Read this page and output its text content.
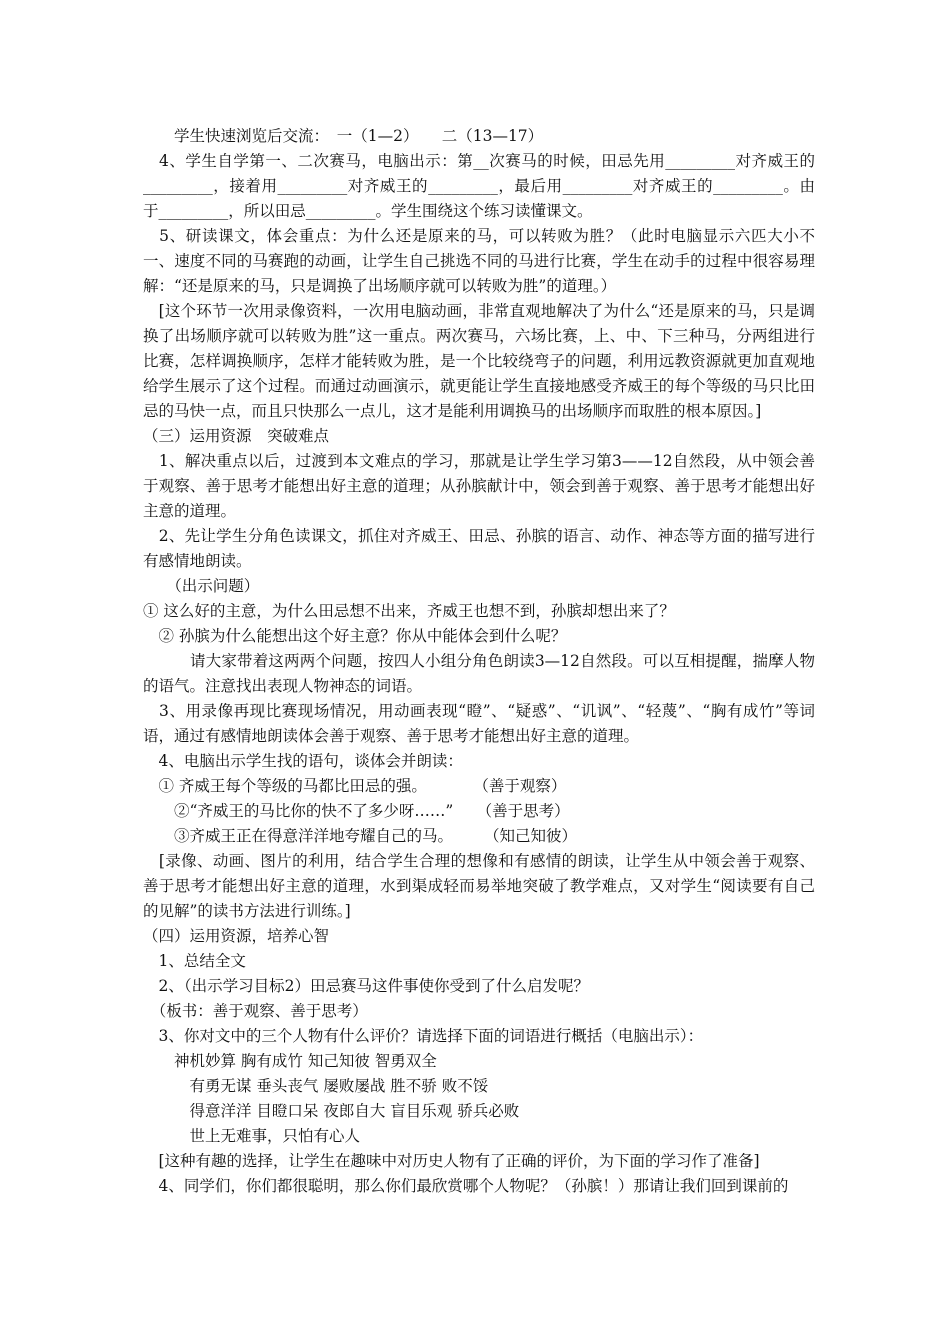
　　学生快速浏览后交流：　一（1—2）　　二（13—17）

　4、学生自学第一、二次赛马，电脑出示：第__次赛马的时候，田忌先用_________对齐威王的_________，接着用_________对齐威王的_________，最后用_________对齐威王的_________。由于_________，所以田忌_________。学生围绕这个练习读懂课文。

　5、研读课文，体会重点：为什么还是原来的马，可以转败为胜？（此时电脑显示六匹大小不一、速度不同的马赛跑的动画，让学生自己挑选不同的马进行比赛，学生在动手的过程中很容易理解：“还是原来的马，只是调换了出场顺序就可以转败为胜”的道理。）

　[这个环节一次用录像资料，一次用电脑动画，非常直观地解决了为什么“还是原来的马，只是调换了出场顺序就可以转败为胜”这一重点。两次赛马，六场比赛，上、中、下三种马，分两组进行比赛，怎样调换顺序，怎样才能转败为胜，是一个比较绕弯子的问题，利用远教资源就更加直观地给学生展示了这个过程。而通过动画演示，就更能让学生直接地感受齐威王的每个等级的马只比田忌的马快一点，而且只快那么一点儿，这才是能利用调换马的出场顺序而取胜的根本原因。]

（三）运用资源　突破难点

　1、解决重点以后，过渡到本文难点的学习，那就是让学生学习第3——12自然段，从中领会善于观察、善于思考才能想出好主意的道理；从孙膑献计中，领会到善于观察、善于思考才能想出好主意的道理。

　2、先让学生分角色读课文，抓住对齐威王、田忌、孙膑的语言、动作、神态等方面的描写进行有感情地朗读。

　　（出示问题）

① 这么好的主意，为什么田忌想不出来，齐威王也想不到，孙膑却想出来了？

　② 孙膑为什么能想出这个好主意？你从中能体会到什么呢？

　　　请大家带着这两两个问题，按四人小组分角色朗读3—12自然段。可以互相提醒，揣摩人物的语气。注意找出表现人物神态的词语。

　3、用录像再现比赛现场情况，用动画表现“瞪”、“疑惑”、“讥讽”、“轻蔑”、“胸有成竹”等词语，通过有感情地朗读体会善于观察、善于思考才能想出好主意的道理。

　4、电脑出示学生找的语句，谈体会并朗读：

　① 齐威王每个等级的马都比田忌的强。　　　　（善于观察）

　　②“齐威王的马比你的快不了多少呀……”　　（善于思考）

　　③齐威王正在得意洋洋地夸耀自己的马。　　　（知己知彼）

　[录像、动画、图片的利用，结合学生合理的想像和有感情的朗读，让学生从中领会善于观察、善于思考才能想出好主意的道理，水到渠成轻而易举地突破了教学难点，又对学生“阅读要有自己的见解”的读书方法进行训练。]

（四）运用资源，培养心智

　1、总结全文

　2、（出示学习目标2）田忌赛马这件事使你受到了什么启发呢？

　（板书：善于观察、善于思考）

　3、你对文中的三个人物有什么评价？请选择下面的词语进行概括（电脑出示）：

　　神机妙算 胸有成竹 知己知彼 智勇双全

　　　有勇无谋 垂头丧气 屡败屡战 胜不骄 败不馁

　　　得意洋洋 目瞪口呆 夜郎自大 盲目乐观 骄兵必败

　　　世上无难事，只怕有心人

　[这种有趣的选择，让学生在趣味中对历史人物有了正确的评价，为下面的学习作了准备]

　4、同学们，你们都很聪明，那么你们最欣赏哪个人物呢？（孙膑！）那请让我们回到课前的
